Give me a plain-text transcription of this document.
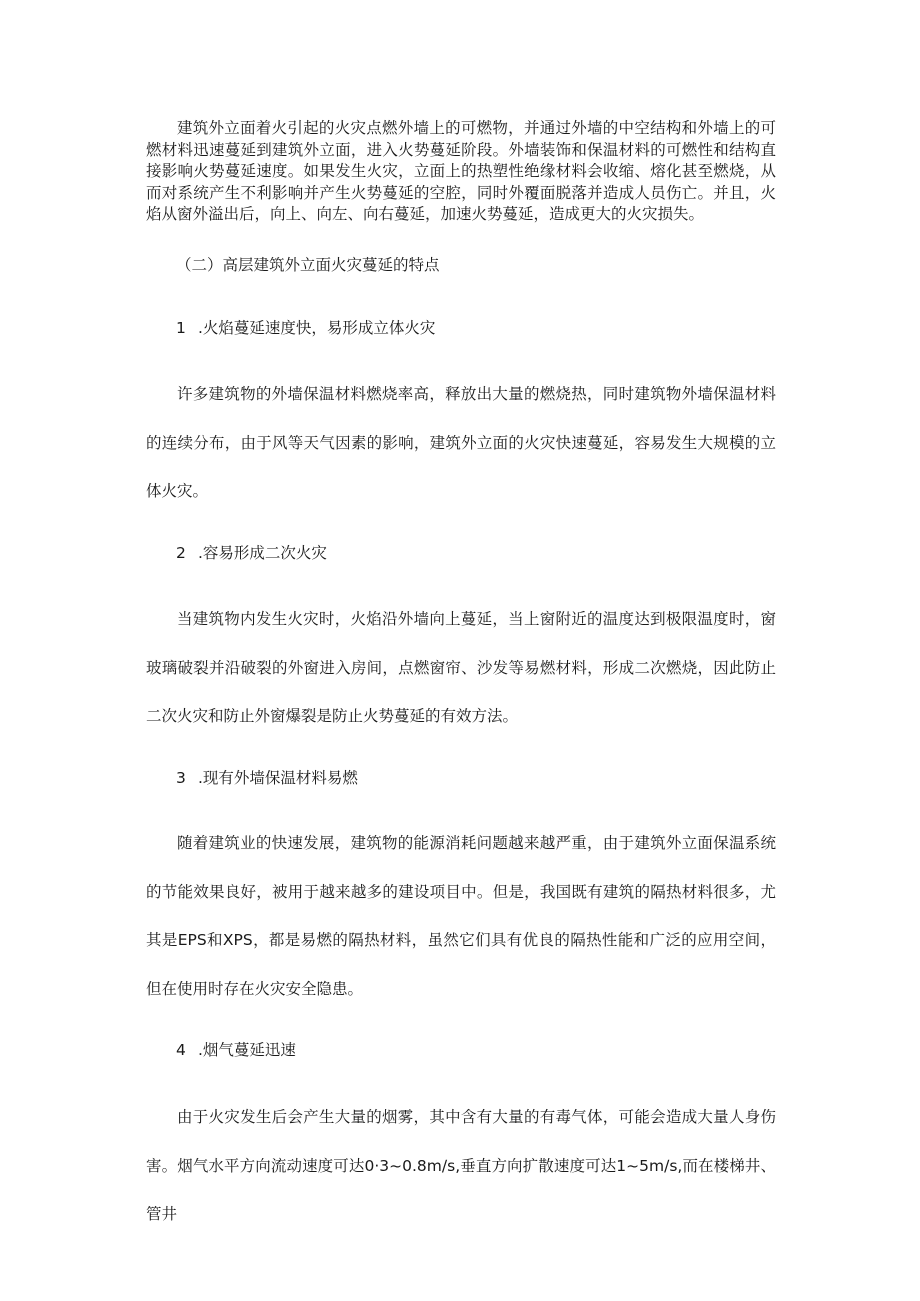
建筑外立面着火引起的火灾点燃外墙上的可燃物，并通过外墙的中空结构和外墙上的可燃材料迅速蔓延到建筑外立面，进入火势蔓延阶段。外墙装饰和保温材料的可燃性和结构直接影响火势蔓延速度。如果发生火灾，立面上的热塑性绝缘材料会收缩、熔化甚至燃烧，从而对系统产生不利影响并产生火势蔓延的空腔，同时外覆面脱落并造成人员伤亡。并且，火焰从窗外溢出后，向上、向左、向右蔓延，加速火势蔓延，造成更大的火灾损失。

（二）高层建筑外立面火灾蔓延的特点

1 .火焰蔓延速度快，易形成立体火灾

许多建筑物的外墙保温材料燃烧率高，释放出大量的燃烧热，同时建筑物外墙保温材料的连续分布，由于风等天气因素的影响，建筑外立面的火灾快速蔓延，容易发生大规模的立体火灾。

2 .容易形成二次火灾

当建筑物内发生火灾时，火焰沿外墙向上蔓延，当上窗附近的温度达到极限温度时，窗玻璃破裂并沿破裂的外窗进入房间，点燃窗帘、沙发等易燃材料，形成二次燃烧，因此防止二次火灾和防止外窗爆裂是防止火势蔓延的有效方法。

3 .现有外墙保温材料易燃

随着建筑业的快速发展，建筑物的能源消耗问题越来越严重，由于建筑外立面保温系统的节能效果良好，被用于越来越多的建设项目中。但是，我国既有建筑的隔热材料很多，尤其是EPS和XPS，都是易燃的隔热材料，虽然它们具有优良的隔热性能和广泛的应用空间，但在使用时存在火灾安全隐患。

4 .烟气蔓延迅速

由于火灾发生后会产生大量的烟雾，其中含有大量的有毒气体，可能会造成大量人身伤害。烟气水平方向流动速度可达0·3~0.8m∕s,垂直方向扩散速度可达1~5m∕s,而在楼梯井、管井
